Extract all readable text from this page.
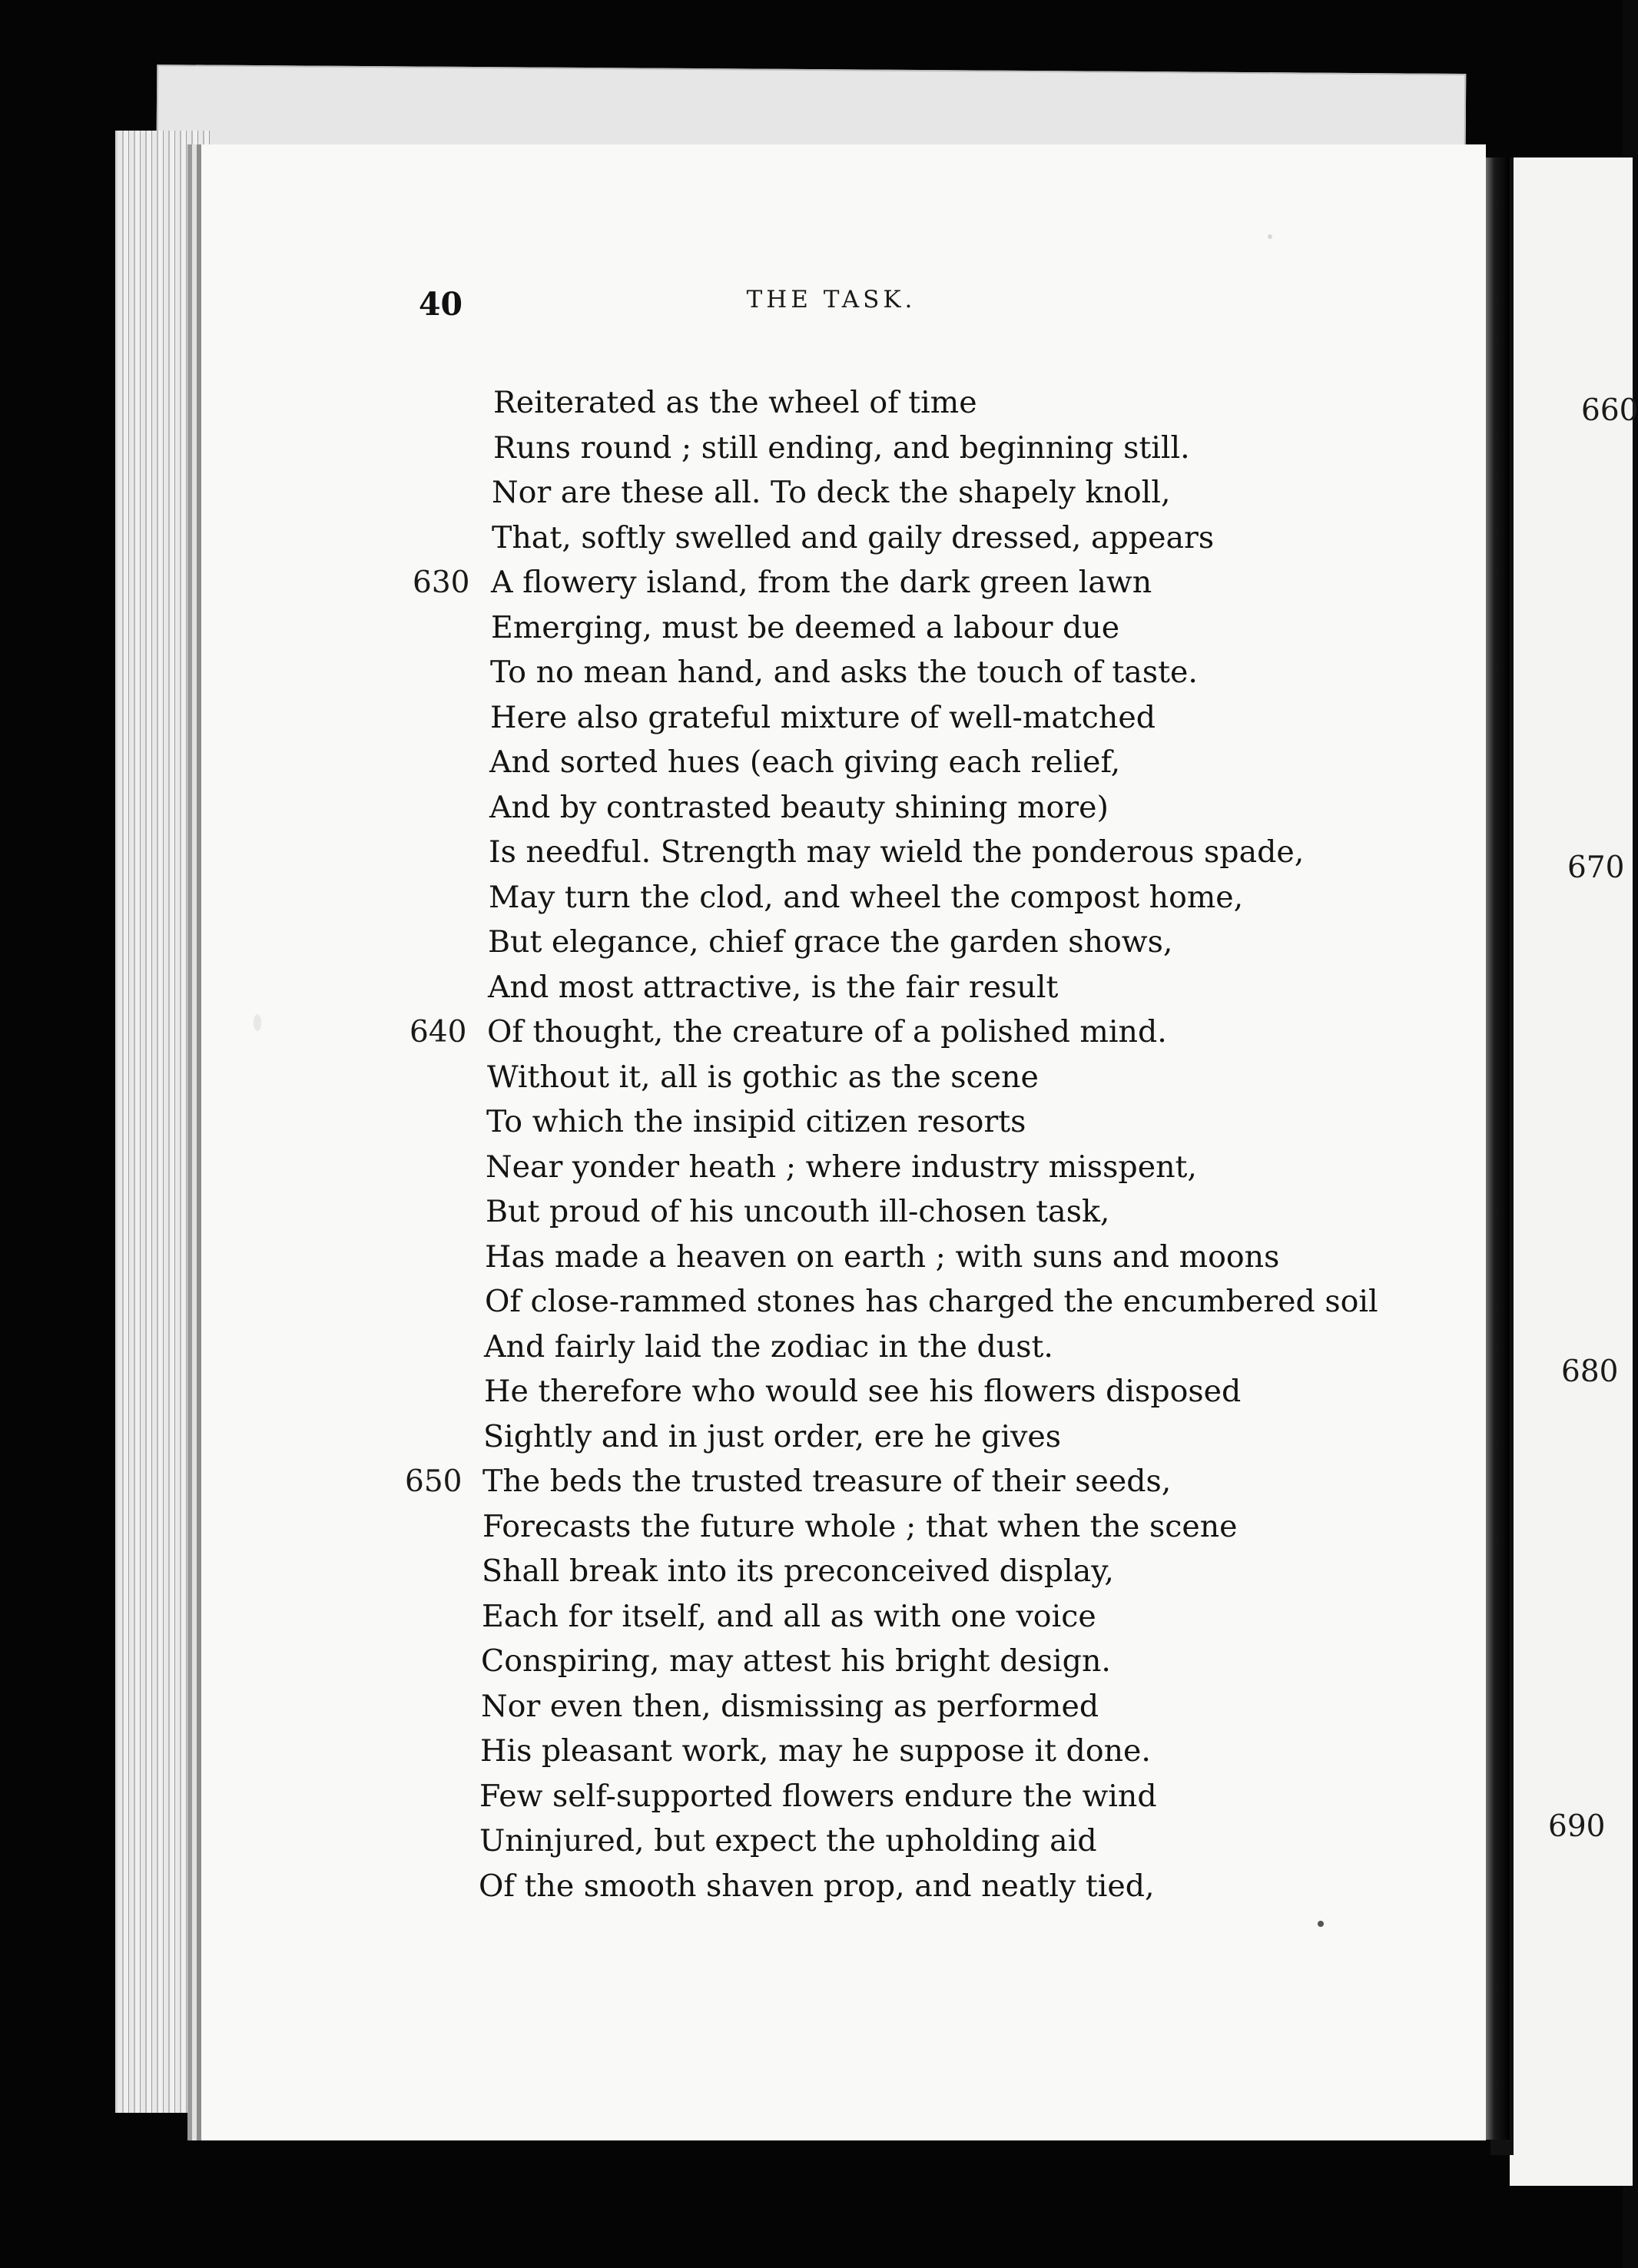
40	THE TASK.
Reiterated as the wheel of time
Runs round ; still ending, and beginning still.
Nor are these all. To deck the shapely knoll,
That, softly swelled and gaily dressed, appears
A flowery island, from the dark green lawn
Emerging, must be deemed a labour due
To no mean hand, and asks the touch of taste.
Here also grateful mixture of well-matched
And sorted hues (each giving each relief,
And by contrasted beauty shining more)
Is needful. Strength may wield the ponderous spade,
May turn the clod, and wheel the compost home,
But elegance, chief grace the garden shows,
And most attractive, is the fair result
Of thought, the creature of a polished mind.
Without it, all is gothic as the scene
To which the insipid citizen resorts
Near yonder heath ; where industry misspent,
But proud of his uncouth ill-chosen task,
Has made a heaven on earth ; with suns and moons
Of close-rammed stones has charged the encumbered soil
And fairly laid the zodiac in the dust.
He therefore who would see his flowers disposed
Sightly and in just order, ere he gives
The beds the trusted treasure of their seeds,
Forecasts the future whole ; that when the scene
Shall break into its preconceived display,
Each for itself, and all as with one voice
Conspiring, may attest his bright design.
Nor even then, dismissing as performed
His pleasant work, may he suppose it done.
Few self-supported flowers endure the wind
Uninjured, but expect the upholding aid
Of the smooth shaven prop, and neatly tied,
630
640
650
660
670
680
690
